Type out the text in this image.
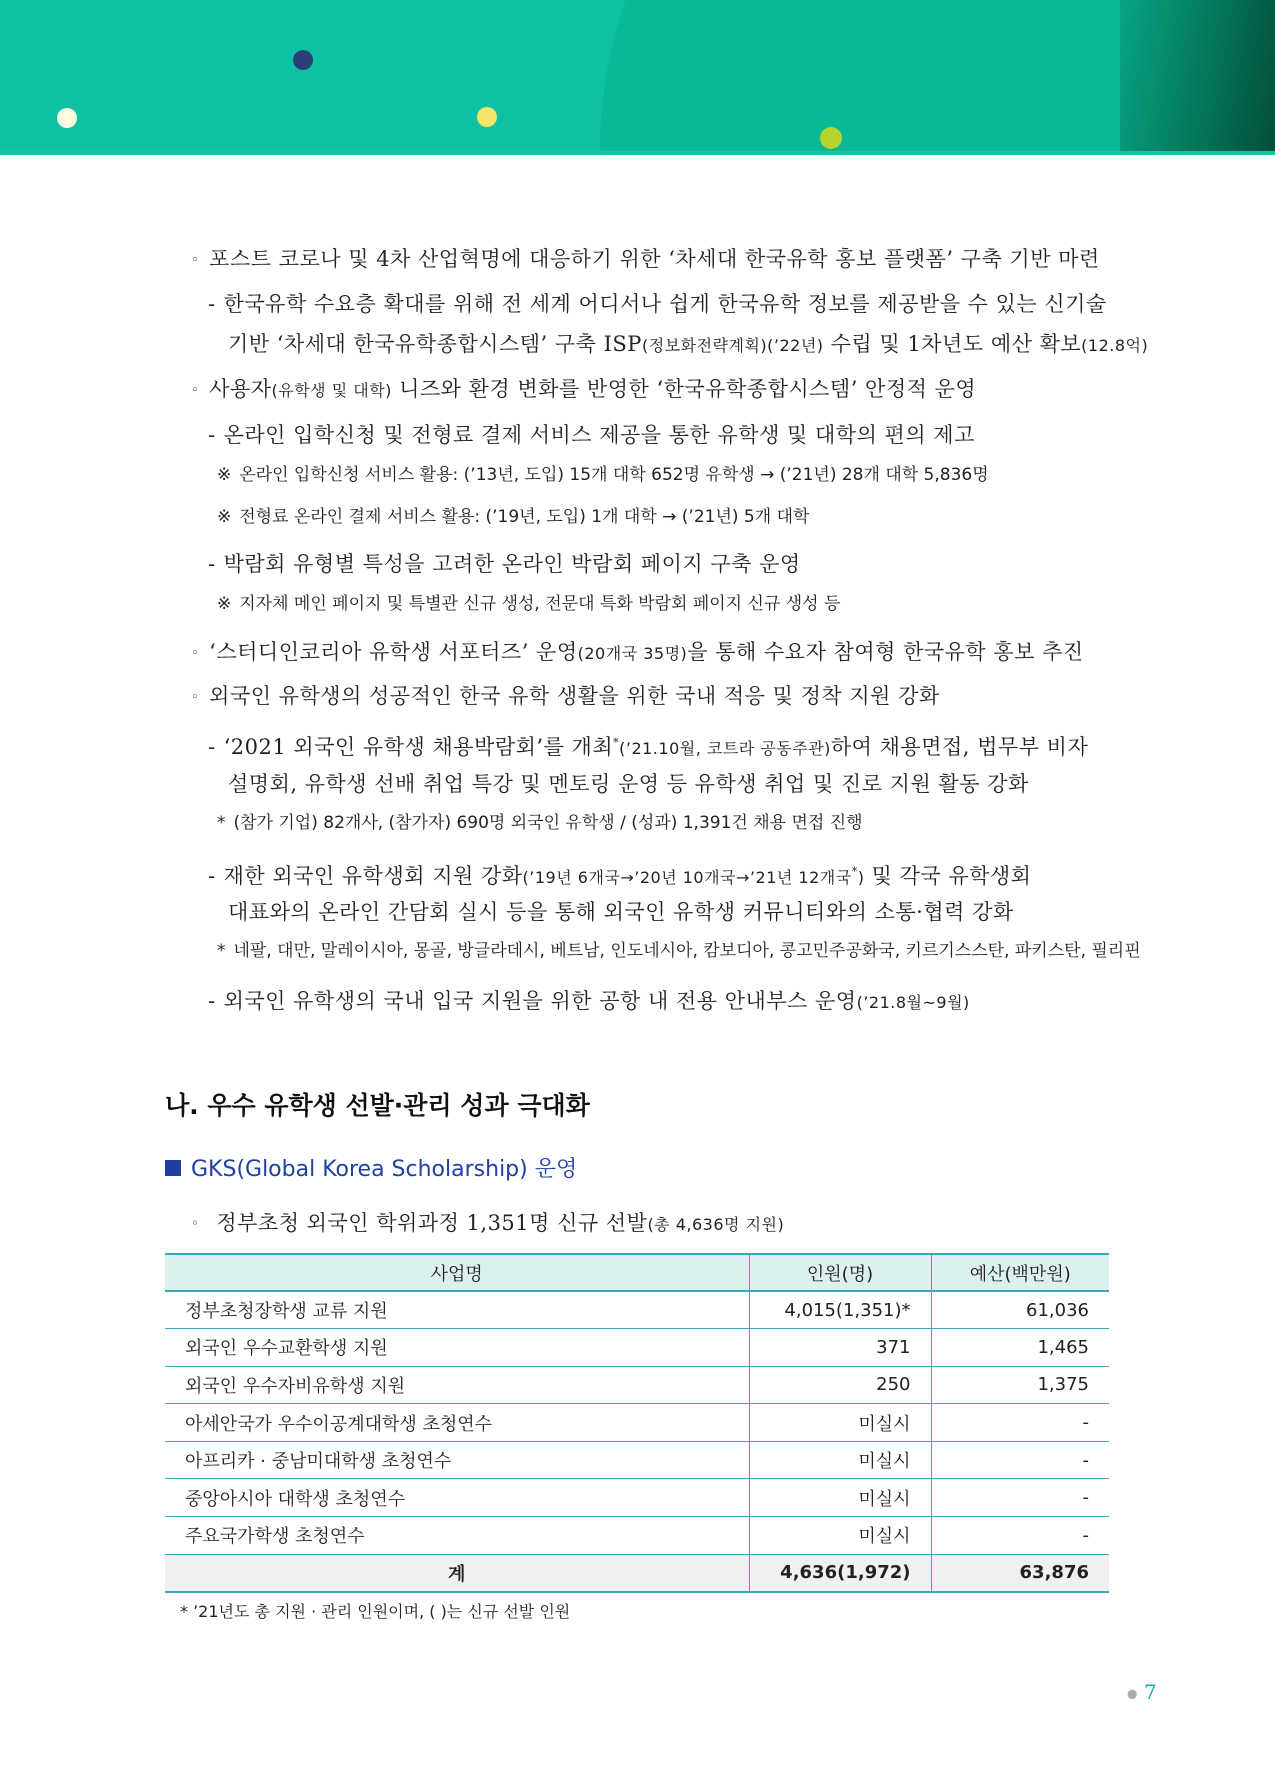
◦ 포스트 코로나 및 4차 산업혁명에 대응하기 위한 ‘차세대 한국유학 홍보 플랫폼’ 구축 기반 마련
- 한국유학 수요층 확대를 위해 전 세계 어디서나 쉽게 한국유학 정보를 제공받을 수 있는 신기술
기반 ‘차세대 한국유학종합시스템’ 구축 ISP(정보화전략계획)(’22년) 수립 및 1차년도 예산 확보(12.8억)
◦ 사용자(유학생 및 대학) 니즈와 환경 변화를 반영한 ‘한국유학종합시스템’ 안정적 운영
- 온라인 입학신청 및 전형료 결제 서비스 제공을 통한 유학생 및 대학의 편의 제고
※ 온라인 입학신청 서비스 활용: (’13년, 도입) 15개 대학 652명 유학생 → (’21년) 28개 대학 5,836명
※ 전형료 온라인 결제 서비스 활용: (’19년, 도입) 1개 대학 → (’21년) 5개 대학
- 박람회 유형별 특성을 고려한 온라인 박람회 페이지 구축 운영
※ 지자체 메인 페이지 및 특별관 신규 생성, 전문대 특화 박람회 페이지 신규 생성 등
◦ ‘스터디인코리아 유학생 서포터즈’ 운영(20개국 35명)을 통해 수요자 참여형 한국유학 홍보 추진
◦ 외국인 유학생의 성공적인 한국 유학 생활을 위한 국내 적응 및 정착 지원 강화
- ‘2021 외국인 유학생 채용박람회’를 개최*(’21.10월, 코트라 공동주관)하여 채용면접, 법무부 비자
설명회, 유학생 선배 취업 특강 및 멘토링 운영 등 유학생 취업 및 진로 지원 활동 강화
* (참가 기업) 82개사, (참가자) 690명 외국인 유학생 / (성과) 1,391건 채용 면접 진행
- 재한 외국인 유학생회 지원 강화(’19년 6개국→’20년 10개국→’21년 12개국*) 및 각국 유학생회
대표와의 온라인 간담회 실시 등을 통해 외국인 유학생 커뮤니티와의 소통·협력 강화
* 네팔, 대만, 말레이시아, 몽골, 방글라데시, 베트남, 인도네시아, 캄보디아, 콩고민주공화국, 키르기스스탄, 파키스탄, 필리핀
- 외국인 유학생의 국내 입국 지원을 위한 공항 내 전용 안내부스 운영(’21.8월~9월)
나. 우수 유학생 선발·관리 성과 극대화
GKS(Global Korea Scholarship) 운영
◦ 정부초청 외국인 학위과정 1,351명 신규 선발(총 4,636명 지원)
사업명	인원(명)	예산(백만원)
정부초청장학생 교류 지원	4,015(1,351)*	61,036
외국인 우수교환학생 지원	371	1,465
외국인 우수자비유학생 지원	250	1,375
아세안국가 우수이공계대학생 초청연수	미실시	-
아프리카 · 중남미대학생 초청연수	미실시	-
중앙아시아 대학생 초청연수	미실시	-
주요국가학생 초청연수	미실시	-
계	4,636(1,972)	63,876
* ’21년도 총 지원 · 관리 인원이며, ( )는 신규 선발 인원
● 7
